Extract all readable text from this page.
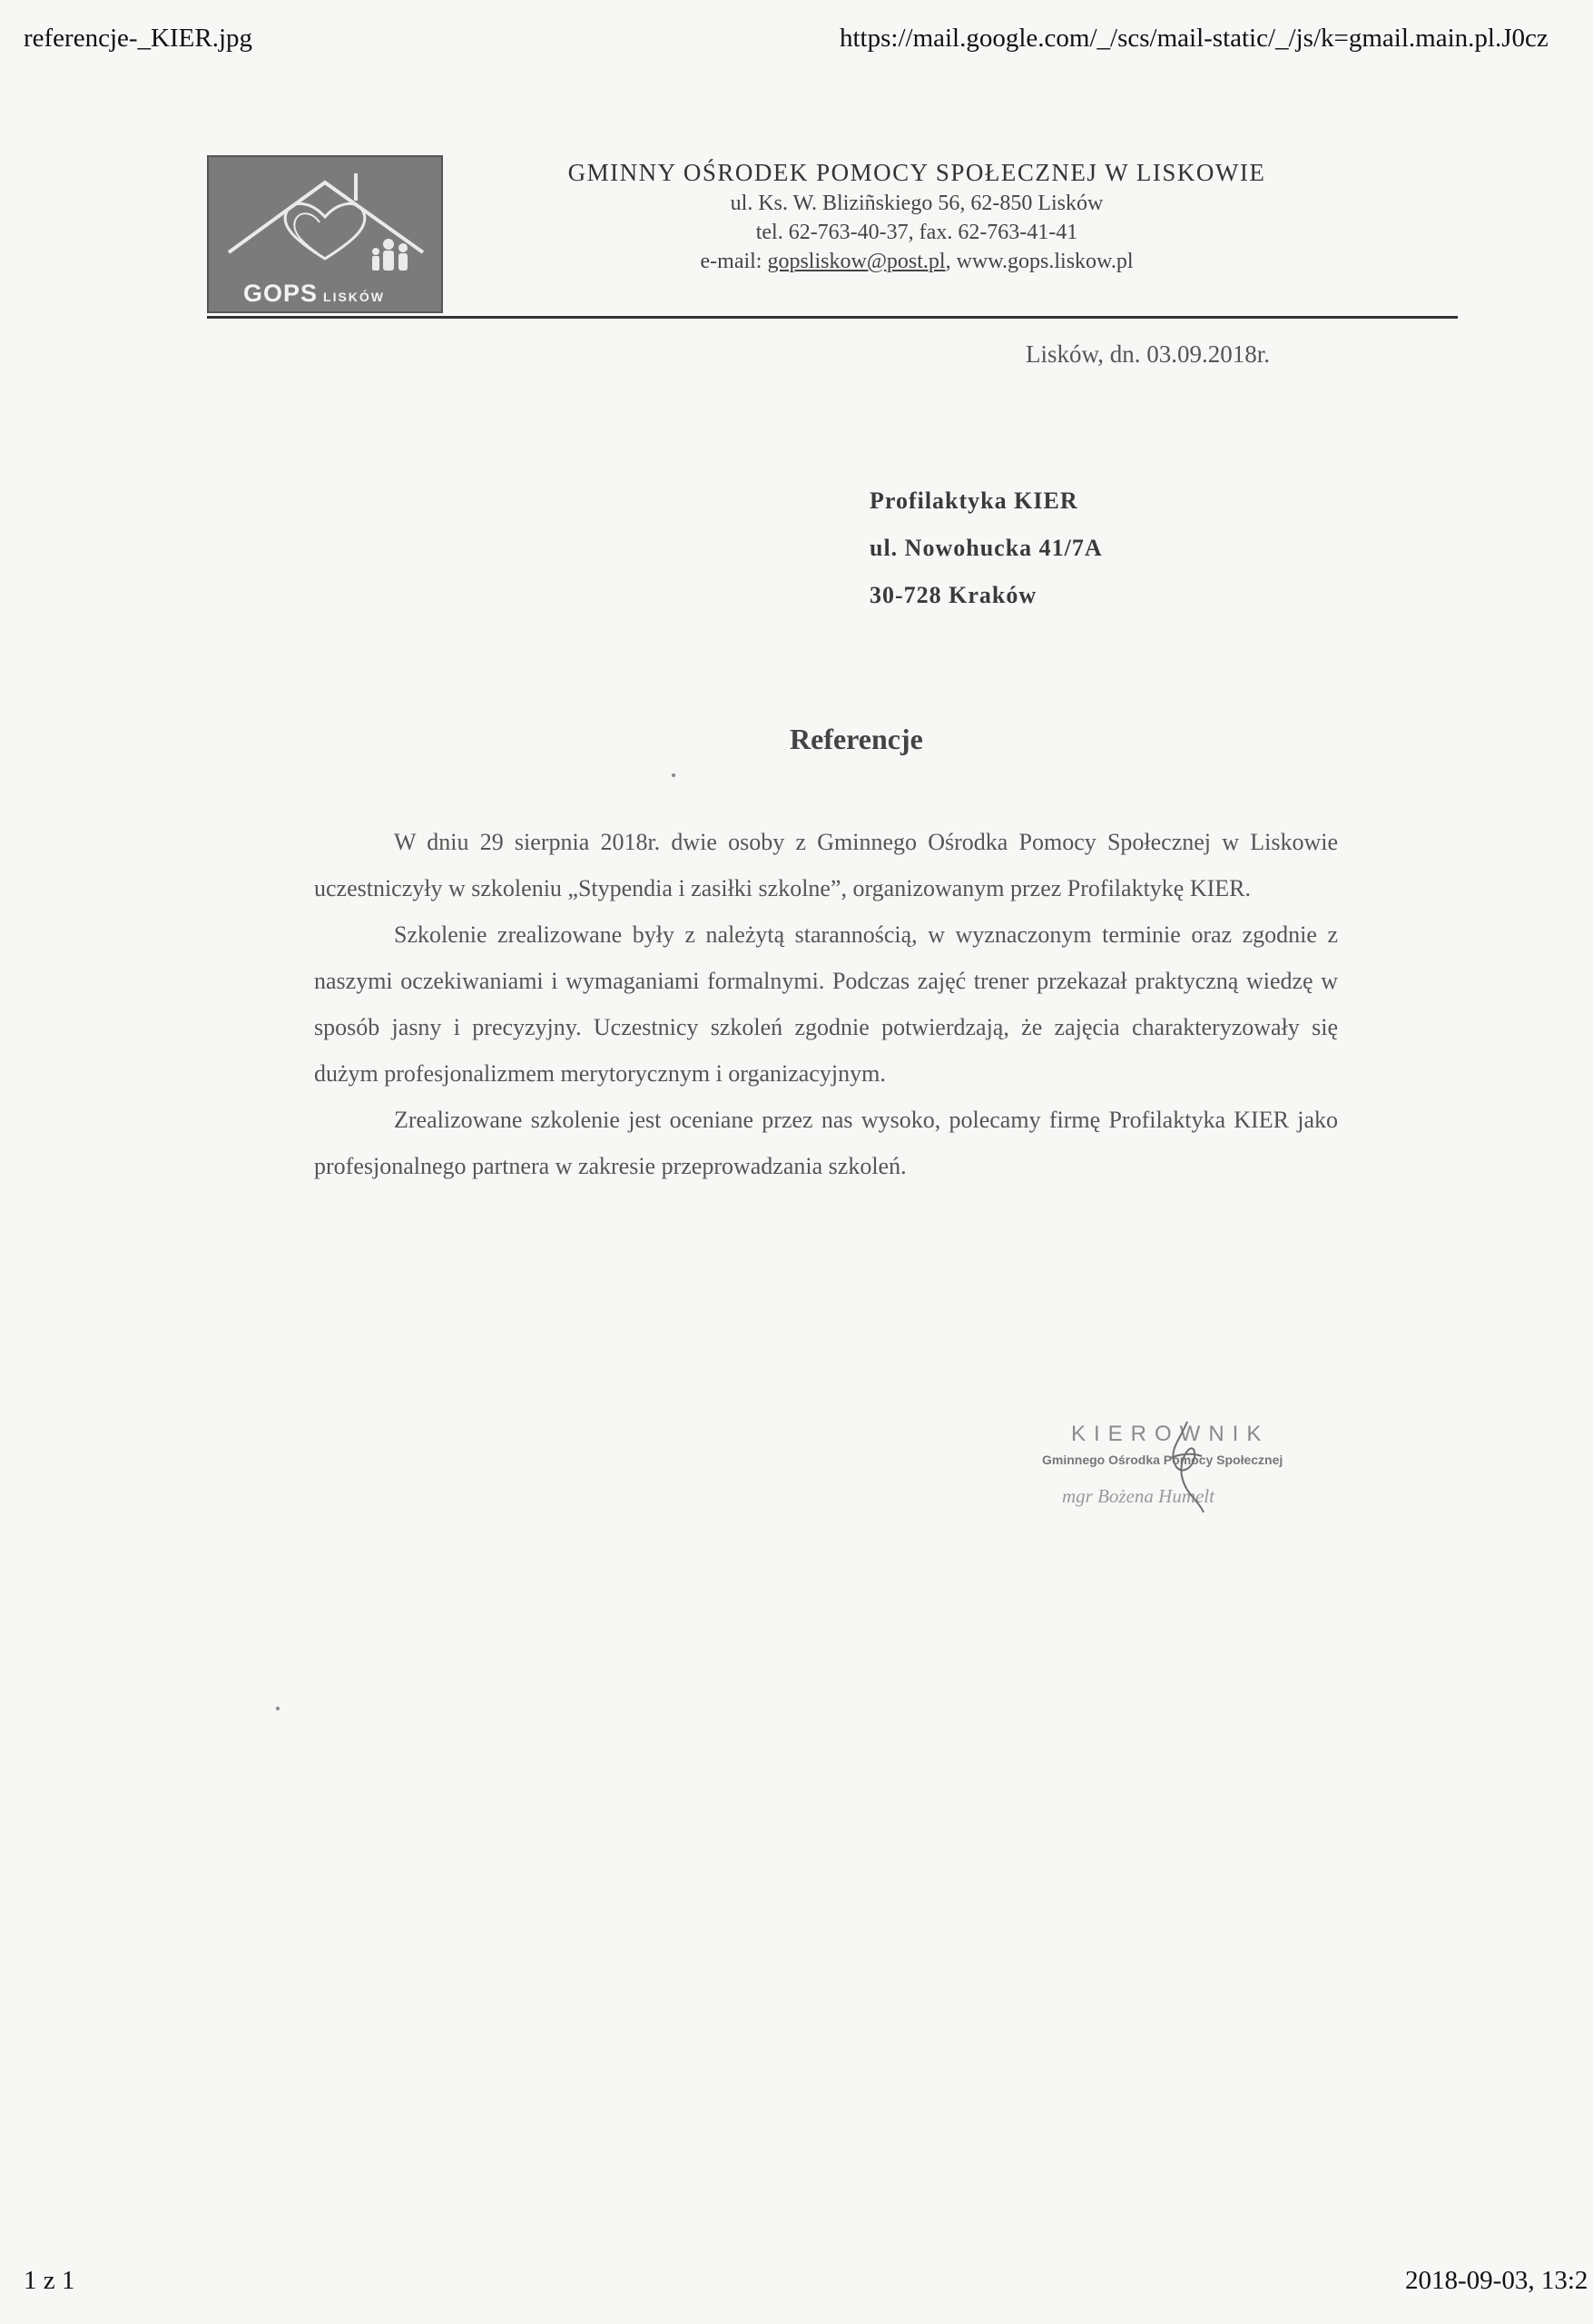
referencje-_KIER.jpg	https://mail.google.com/_/scs/mail-static/_/js/k=gmail.main.pl.J0cz
GOPS LISKÓW
GMINNY OŚRODEK POMOCY SPOŁECZNEJ W LISKOWIE
ul. Ks. W. Bliziñskiego 56, 62-850 Lisków
tel. 62-763-40-37, fax. 62-763-41-41
e-mail: gopsliskow@post.pl, www.gops.liskow.pl
Lisków, dn. 03.09.2018r.
Profilaktyka KIER
ul. Nowohucka 41/7A
30-728 Kraków
Referencje

W dniu 29 sierpnia 2018r. dwie osoby z Gminnego Ośrodka Pomocy Społecznej w Liskowie uczestniczyły w szkoleniu „Stypendia i zasiłki szkolne”, organizowanym przez Profilaktykę KIER.

Szkolenie zrealizowane były z należytą starannością, w wyznaczonym terminie oraz zgodnie z naszymi oczekiwaniami i wymaganiami formalnymi. Podczas zajęć trener przekazał praktyczną wiedzę w sposób jasny i precyzyjny. Uczestnicy szkoleń zgodnie potwierdzają, że zajęcia charakteryzowały się dużym profesjonalizmem merytorycznym i organizacyjnym.

Zrealizowane szkolenie jest oceniane przez nas wysoko, polecamy firmę Profilaktyka KIER jako profesjonalnego partnera w zakresie przeprowadzania szkoleń.

KIEROWNIK
Gminnego Ośrodka Pomocy Społecznej
mgr Bożena Humelt
1 z 1	2018-09-03, 13:2
